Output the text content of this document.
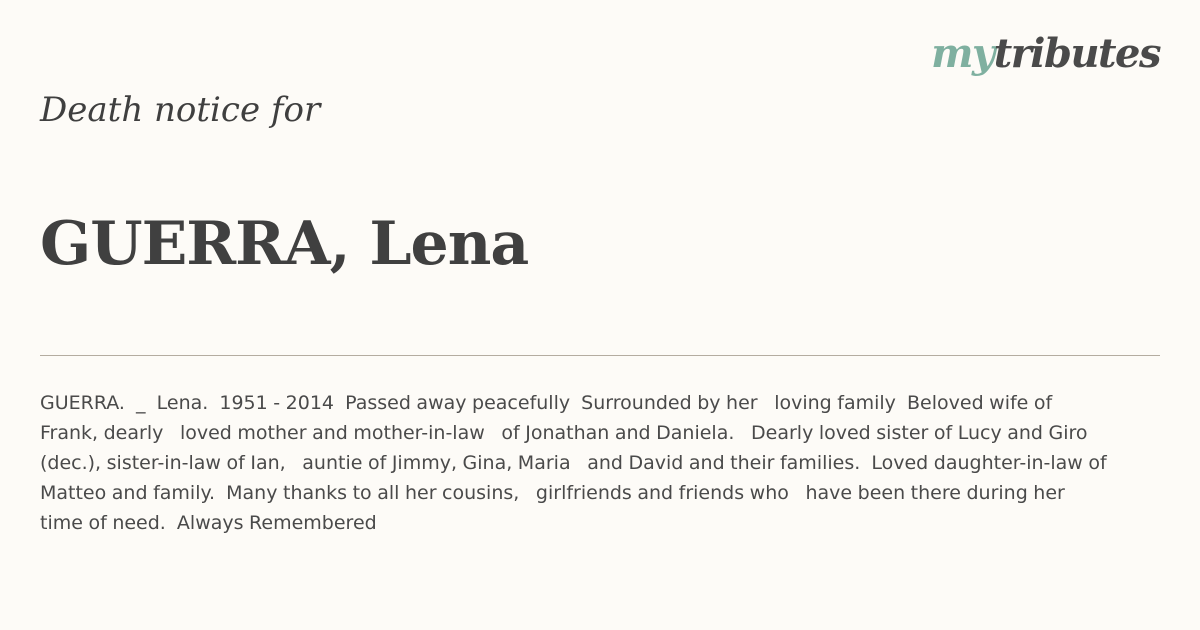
mytributes
Death notice for
GUERRA, Lena
GUERRA.  _  Lena.  1951 - 2014  Passed away peacefully  Surrounded by her   loving family  Beloved wife of Frank, dearly   loved mother and mother-in-law   of Jonathan and Daniela.   Dearly loved sister of Lucy and Giro (dec.), sister-in-law of Ian,   auntie of Jimmy, Gina, Maria   and David and their families.  Loved daughter-in-law of   Matteo and family.  Many thanks to all her cousins,   girlfriends and friends who   have been there during her  time of need.  Always Remembered
